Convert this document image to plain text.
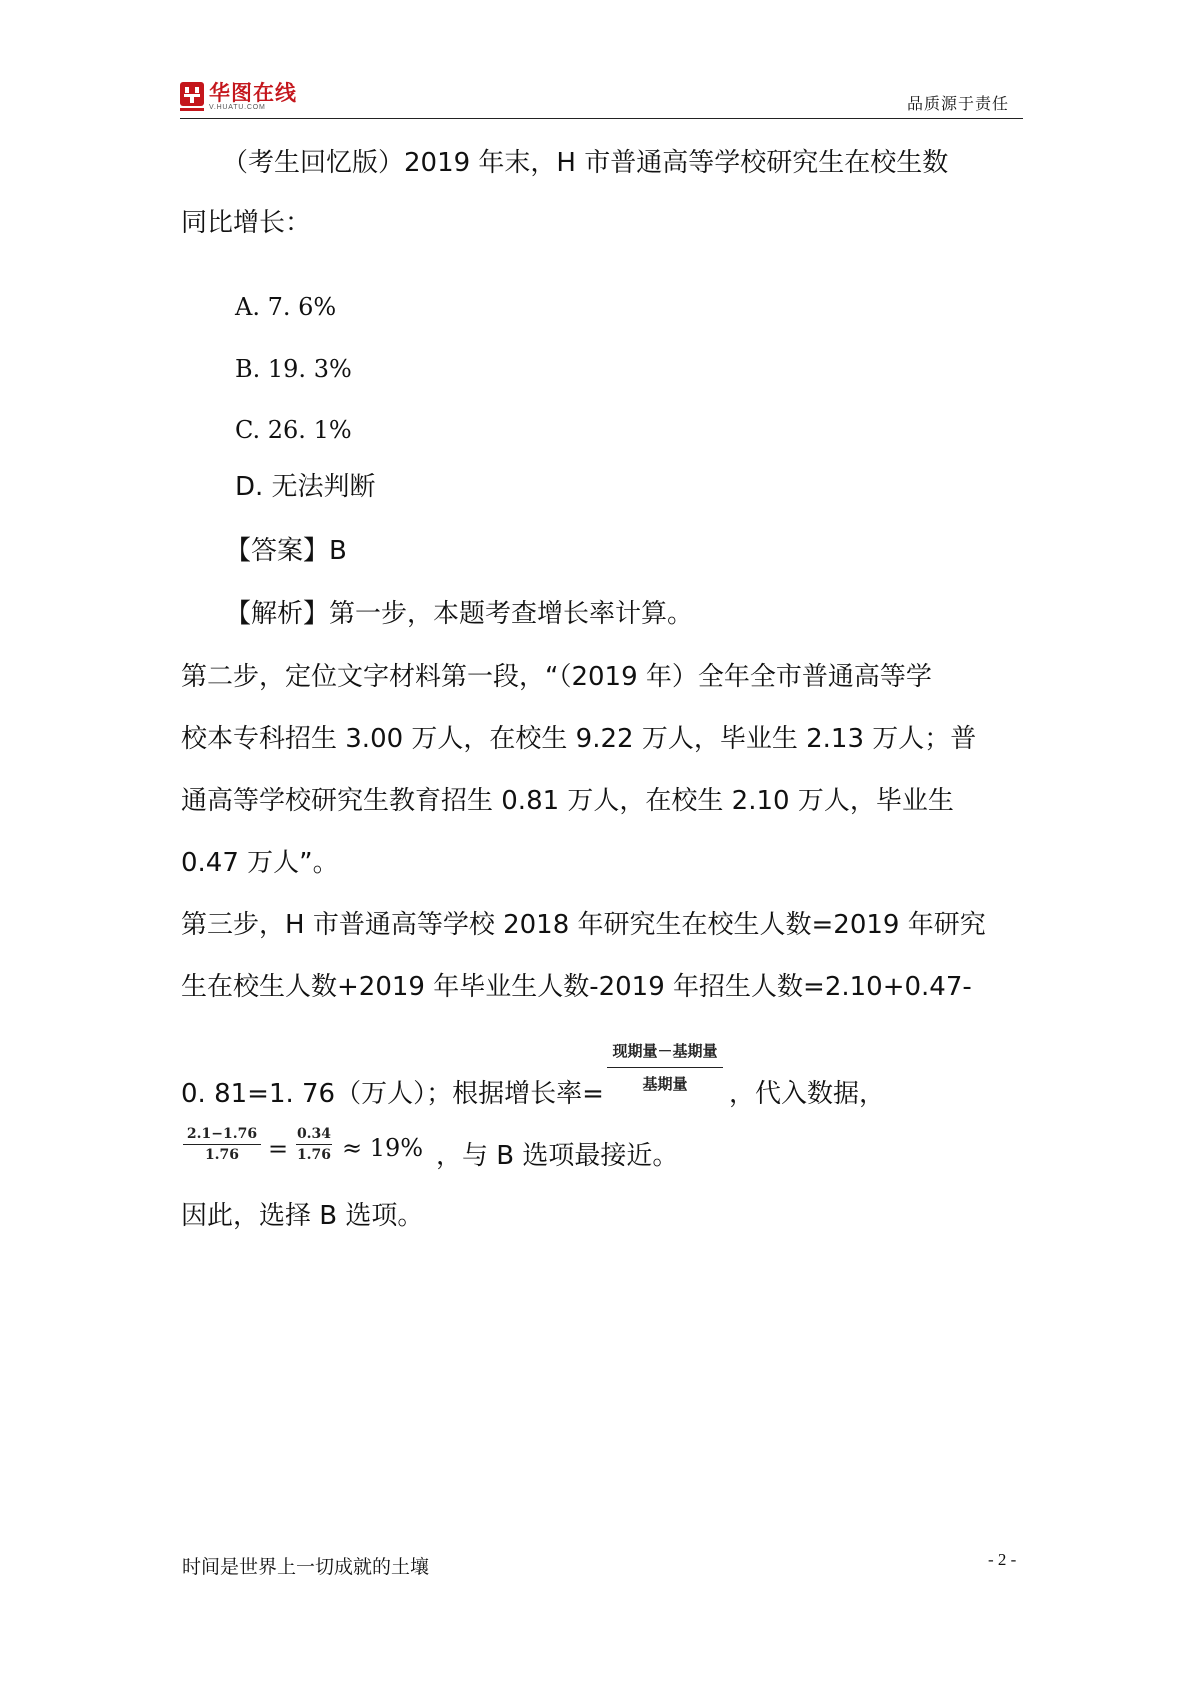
华图在线
V.HUATU.COM	品质源于责任
（考生回忆版）2019 年末，H 市普通高等学校研究生在校生数
同比增长：
A. 7. 6%
B. 19. 3%
C. 26. 1%
D. 无法判断
【答案】B
【解析】第一步，本题考查增长率计算。
第二步，定位文字材料第一段，“（2019 年）全年全市普通高等学
校本专科招生 3.00 万人，在校生 9.22 万人，毕业生 2.13 万人；普
通高等学校研究生教育招生 0.81 万人，在校生 2.10 万人，毕业生
0.47 万人”。
第三步，H 市普通高等学校 2018 年研究生在校生人数=2019 年研究
生在校生人数+2019 年毕业生人数-2019 年招生人数=2.10+0.47-
0. 81=1. 76（万人）；根据增长率=
现期量－基期量
基期量	，代入数据，
$\frac{2.1-1.76}{1.76} = \frac{0.34}{1.76} \approx 19\%$ ，与 B 选项最接近。
因此，选择 B 选项。
时间是世界上一切成就的土壤	- 2 -
